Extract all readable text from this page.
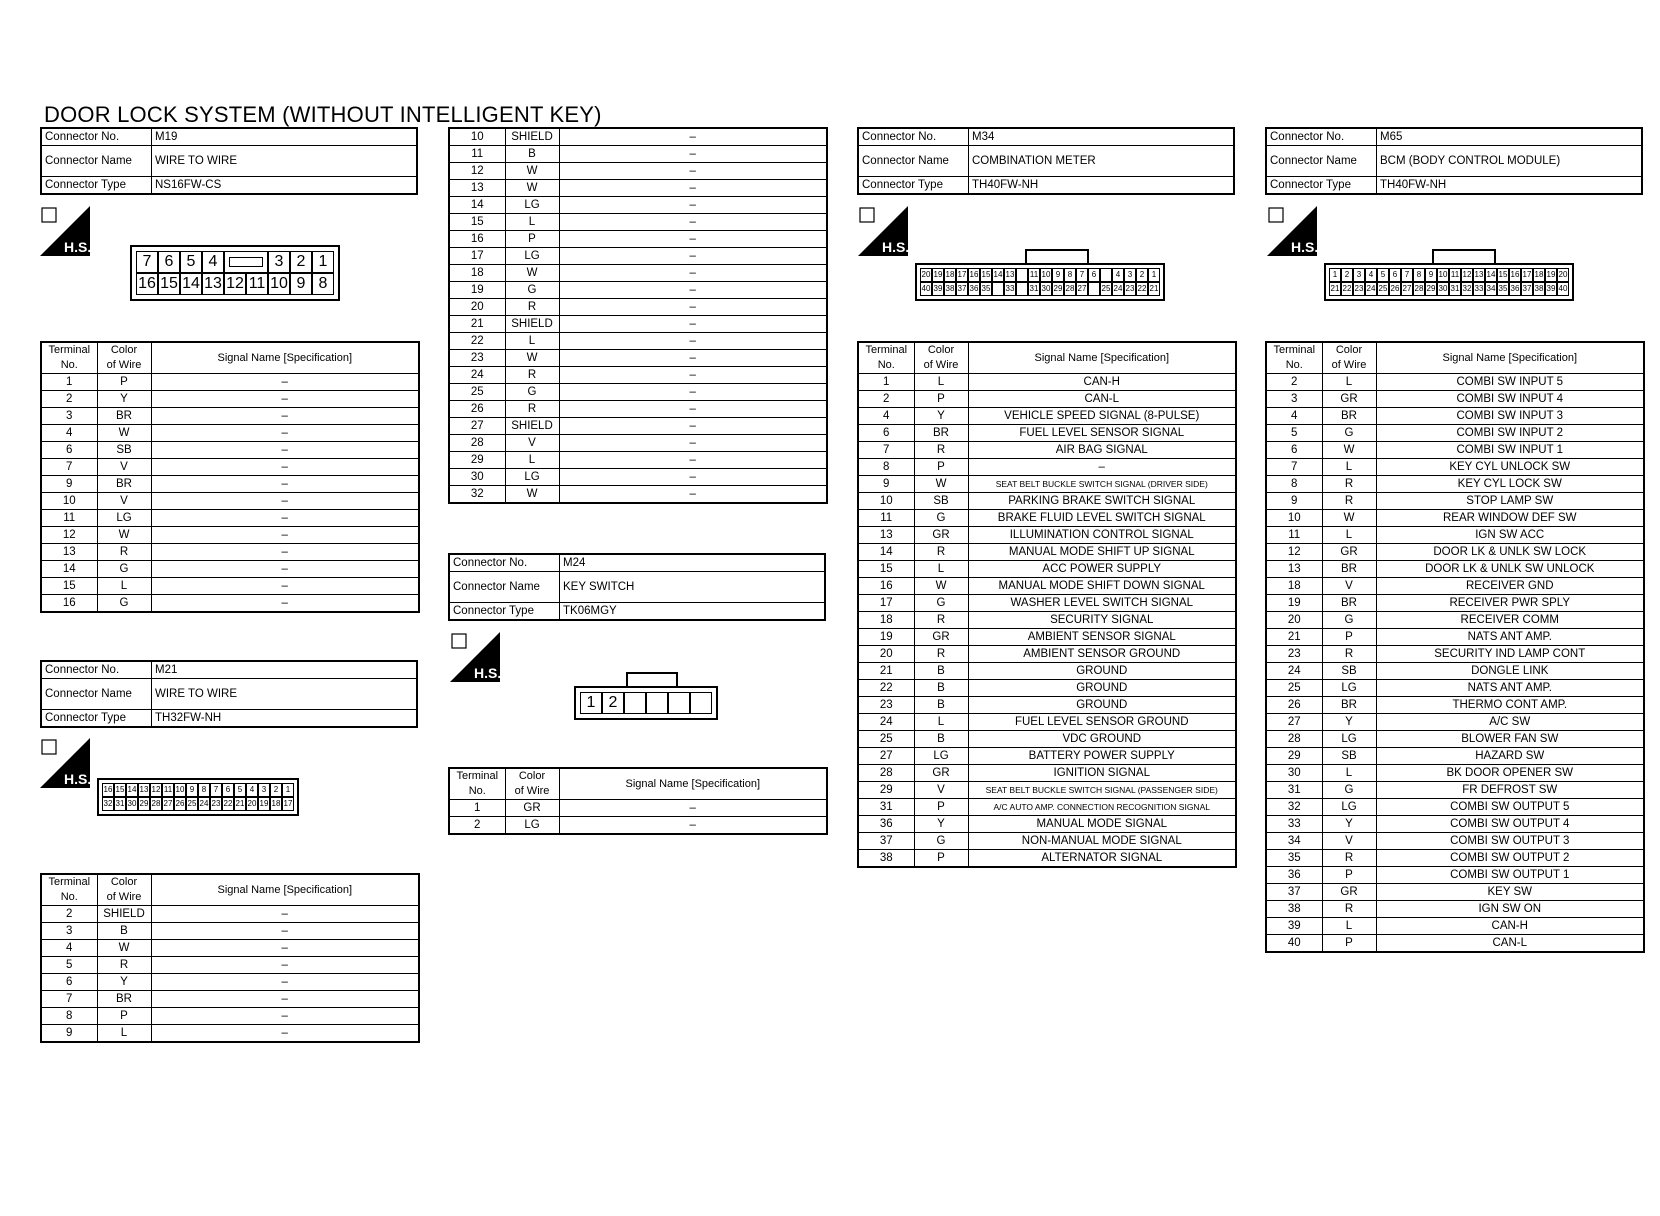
DOOR LOCK SYSTEM (WITHOUT INTELLIGENT KEY)
Connector No.	M19
Connector Name	WIRE TO WIRE
Connector Type	NS16FW-CS
H.S.
7 6 5 4	3 2 1
16 15 14 13 12 11 10 9 8
Terminal
No.	Color
of Wire	Signal Name [Specification]
1	P	–
2	Y	–
3	BR	–
4	W	–
6	SB	–
7	V	–
9	BR	–
10	V	–
11	LG	–
12	W	–
13	R	–
14	G	–
15	L	–
16	G	–
Connector No.	M21
Connector Name	WIRE TO WIRE
Connector Type	TH32FW-NH
H.S.
16 15 14 13 12 11 10 9 8 7 6 5 4 3 2 1
32 31 30 29 28 27 26 25 24 23 22 21 20 19 18 17
Terminal
No.	Color
of Wire	Signal Name [Specification]
2	SHIELD	–
3	B	–
4	W	–
5	R	–
6	Y	–
7	BR	–
8	P	–
9	L	–
10	SHIELD	–
11	B	–
12	W	–
13	W	–
14	LG	–
15	L	–
16	P	–
17	LG	–
18	W	–
19	G	–
20	R	–
21	SHIELD	–
22	L	–
23	W	–
24	R	–
25	G	–
26	R	–
27	SHIELD	–
28	V	–
29	L	–
30	LG	–
32	W	–
Connector No.	M24
Connector Name	KEY SWITCH
Connector Type	TK06MGY
H.S.
1 2
Terminal
No.	Color
of Wire	Signal Name [Specification]
1	GR	–
2	LG	–
Connector No.	M34
Connector Name	COMBINATION METER
Connector Type	TH40FW-NH
H.S.
20 19 18 17 16 15 14 13 11 10 9 8 7 6	4 3 2 1
40 39 38 37 36 35 33 31 30 29 28 27 25 24 23 22 21
Terminal
No.	Color
of Wire	Signal Name [Specification]
1	L	CAN-H
2	P	CAN-L
4	Y	VEHICLE SPEED SIGNAL (8-PULSE)
6	BR	FUEL LEVEL SENSOR SIGNAL
7	R	AIR BAG SIGNAL
8	P	–
9	W	SEAT BELT BUCKLE SWITCH SIGNAL (DRIVER SIDE)
10	SB	PARKING BRAKE SWITCH SIGNAL
11	G	BRAKE FLUID LEVEL SWITCH SIGNAL
13	GR	ILLUMINATION CONTROL SIGNAL
14	R	MANUAL MODE SHIFT UP SIGNAL
15	L	ACC POWER SUPPLY
16	W	MANUAL MODE SHIFT DOWN SIGNAL
17	G	WASHER LEVEL SWITCH SIGNAL
18	R	SECURITY SIGNAL
19	GR	AMBIENT SENSOR SIGNAL
20	R	AMBIENT SENSOR GROUND
21	B	GROUND
22	B	GROUND
23	B	GROUND
24	L	FUEL LEVEL SENSOR GROUND
25	B	VDC GROUND
27	LG	BATTERY POWER SUPPLY
28	GR	IGNITION SIGNAL
29	V	SEAT BELT BUCKLE SWITCH SIGNAL (PASSENGER SIDE)
31	P	A/C AUTO AMP. CONNECTION RECOGNITION SIGNAL
36	Y	MANUAL MODE SIGNAL
37	G	NON-MANUAL MODE SIGNAL
38	P	ALTERNATOR SIGNAL
Connector No.	M65
Connector Name	BCM (BODY CONTROL MODULE)
Connector Type	TH40FW-NH
H.S.
1 2 3 4 5 6 7 8 9 10 11 12 13 14 15 16 17 18 19 20
21 22 23 24 25 26 27 28 29 30 31 32 33 34 35 36 37 38 39 40
Terminal
No.	Color
of Wire	Signal Name [Specification]
2	L	COMBI SW INPUT 5
3	GR	COMBI SW INPUT 4
4	BR	COMBI SW INPUT 3
5	G	COMBI SW INPUT 2
6	W	COMBI SW INPUT 1
7	L	KEY CYL UNLOCK SW
8	R	KEY CYL LOCK SW
9	R	STOP LAMP SW
10	W	REAR WINDOW DEF SW
11	L	IGN SW ACC
12	GR	DOOR LK & UNLK SW LOCK
13	BR	DOOR LK & UNLK SW UNLOCK
18	V	RECEIVER GND
19	BR	RECEIVER PWR SPLY
20	G	RECEIVER COMM
21	P	NATS ANT AMP.
23	R	SECURITY IND LAMP CONT
24	SB	DONGLE LINK
25	LG	NATS ANT AMP.
26	BR	THERMO CONT AMP.
27	Y	A/C SW
28	LG	BLOWER FAN SW
29	SB	HAZARD SW
30	L	BK DOOR OPENER SW
31	G	FR DEFROST SW
32	LG	COMBI SW OUTPUT 5
33	Y	COMBI SW OUTPUT 4
34	V	COMBI SW OUTPUT 3
35	R	COMBI SW OUTPUT 2
36	P	COMBI SW OUTPUT 1
37	GR	KEY SW
38	R	IGN SW ON
39	L	CAN-H
40	P	CAN-L
